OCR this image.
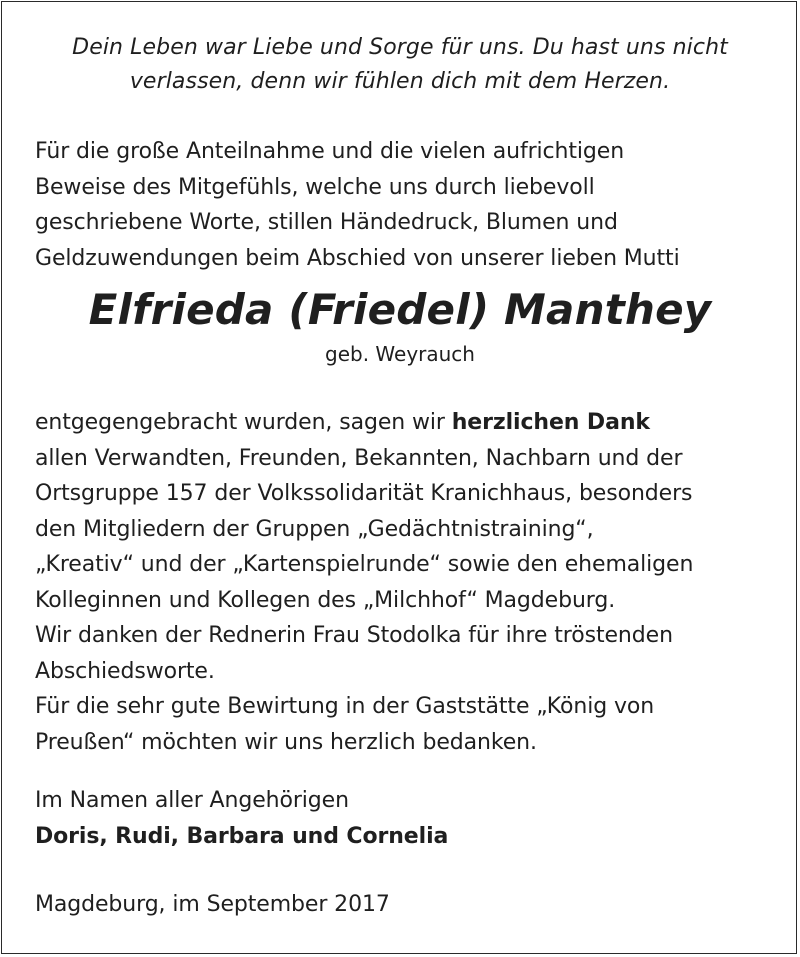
Dein Leben war Liebe und Sorge für uns. Du hast uns nicht
verlassen, denn wir fühlen dich mit dem Herzen.
Für die große Anteilnahme und die vielen aufrichtigen
Beweise des Mitgefühls, welche uns durch liebevoll
geschriebene Worte, stillen Händedruck, Blumen und
Geldzuwendungen beim Abschied von unserer lieben Mutti
Elfrieda (Friedel) Manthey
geb. Weyrauch
entgegengebracht wurden, sagen wir herzlichen Dank
allen Verwandten, Freunden, Bekannten, Nachbarn und der
Ortsgruppe 157 der Volkssolidarität Kranichhaus, besonders
den Mitgliedern der Gruppen „Gedächtnistraining“,
„Kreativ“ und der „Kartenspielrunde“ sowie den ehemaligen
Kolleginnen und Kollegen des „Milchhof“ Magdeburg.
Wir danken der Rednerin Frau Stodolka für ihre tröstenden
Abschiedsworte.
Für die sehr gute Bewirtung in der Gaststätte „König von
Preußen“ möchten wir uns herzlich bedanken.
Im Namen aller Angehörigen
Doris, Rudi, Barbara und Cornelia
Magdeburg, im September 2017
